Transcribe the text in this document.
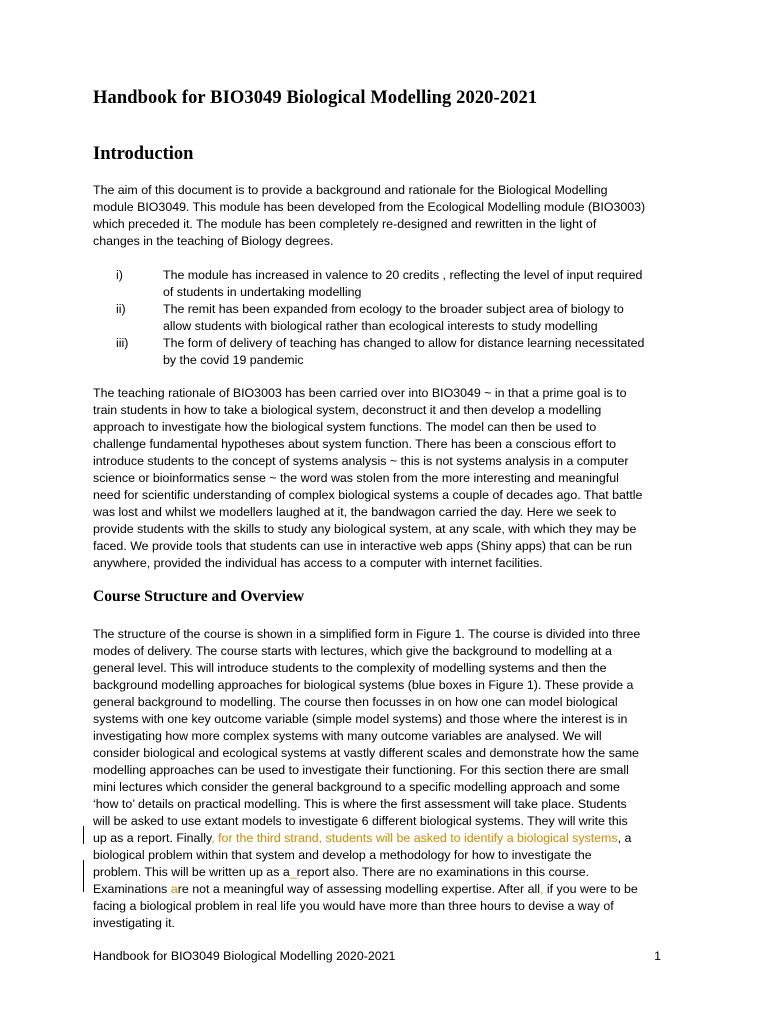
Handbook for BIO3049 Biological Modelling 2020-2021
Introduction
The aim of this document is to provide a background and rationale for the Biological Modelling
module BIO3049. This module has been developed from the Ecological Modelling module (BIO3003)
which preceded it. The module has been completely re-designed and rewritten in the light of
changes in the teaching of Biology degrees.
i)	The module has increased in valence to 20 credits , reflecting the level of input required
of students in undertaking modelling
ii)	The remit has been expanded from ecology to the broader subject area of biology to
allow students with biological rather than ecological interests to study modelling
iii)	The form of delivery of teaching has changed to allow for distance learning necessitated
by the covid 19 pandemic
The teaching rationale of BIO3003 has been carried over into BIO3049 ~ in that a prime goal is to
train students in how to take a biological system, deconstruct it and then develop a modelling
approach to investigate how the biological system functions. The model can then be used to
challenge fundamental hypotheses about system function. There has been a conscious effort to
introduce students to the concept of systems analysis ~ this is not systems analysis in a computer
science or bioinformatics sense ~ the word was stolen from the more interesting and meaningful
need for scientific understanding of complex biological systems a couple of decades ago. That battle
was lost and whilst we modellers laughed at it, the bandwagon carried the day. Here we seek to
provide students with the skills to study any biological system, at any scale, with which they may be
faced. We provide tools that students can use in interactive web apps (Shiny apps) that can be run
anywhere, provided the individual has access to a computer with internet facilities.
Course Structure and Overview
The structure of the course is shown in a simplified form in Figure 1. The course is divided into three
modes of delivery. The course starts with lectures, which give the background to modelling at a
general level. This will introduce students to the complexity of modelling systems and then the
background modelling approaches for biological systems (blue boxes in Figure 1). These provide a
general background to modelling. The course then focusses in on how one can model biological
systems with one key outcome variable (simple model systems) and those where the interest is in
investigating how more complex systems with many outcome variables are analysed. We will
consider biological and ecological systems at vastly different scales and demonstrate how the same
modelling approaches can be used to investigate their functioning. For this section there are small
mini lectures which consider the general background to a specific modelling approach and some
‘how to’ details on practical modelling. This is where the first assessment will take place. Students
will be asked to use extant models to investigate 6 different biological systems. They will write this
up as a report. Finally, for the third strand, students will be asked to identify a biological systems, a
biological problem within that system and develop a methodology for how to investigate the
problem. This will be written up as a_report also. There are no examinations in this course.
Examinations are not a meaningful way of assessing modelling expertise. After all, if you were to be
facing a biological problem in real life you would have more than three hours to devise a way of
investigating it.
Handbook for BIO3049 Biological Modelling 2020-2021	1
